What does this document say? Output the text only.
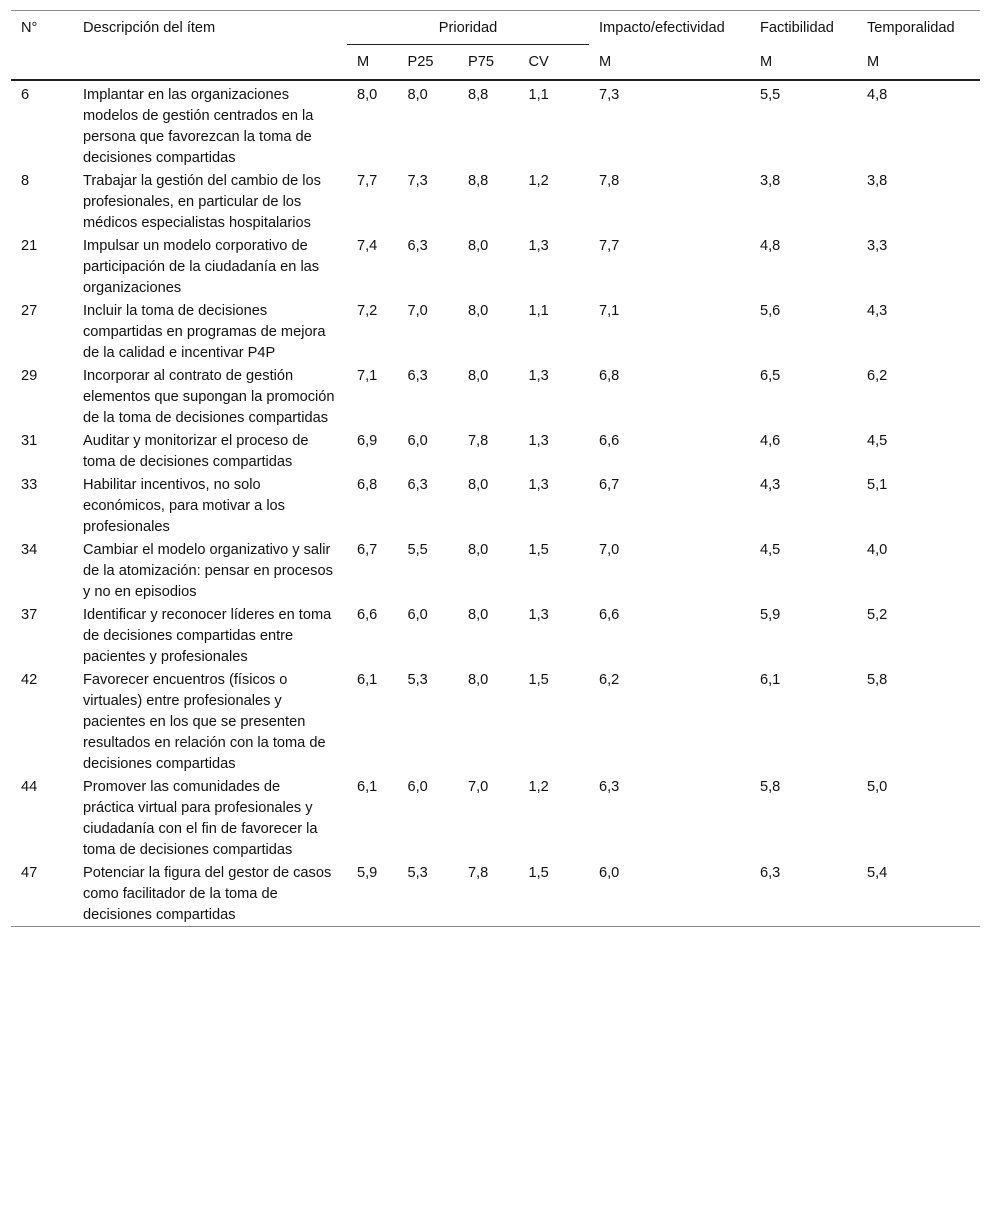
N°	Descripción del ítem	Prioridad				Impacto/efectividad	Factibilidad	Temporalidad
		M	P25	P75	CV	M	M	M
6	Implantar en las organizaciones modelos de gestión centrados en la persona que favorezcan la toma de decisiones compartidas	8,0	8,0	8,8	1,1	7,3	5,5	4,8
8	Trabajar la gestión del cambio de los profesionales, en particular de los médicos especialistas hospitalarios	7,7	7,3	8,8	1,2	7,8	3,8	3,8
21	Impulsar un modelo corporativo de participación de la ciudadanía en las organizaciones	7,4	6,3	8,0	1,3	7,7	4,8	3,3
27	Incluir la toma de decisiones compartidas en programas de mejora de la calidad e incentivar P4P	7,2	7,0	8,0	1,1	7,1	5,6	4,3
29	Incorporar al contrato de gestión elementos que supongan la promoción de la toma de decisiones compartidas	7,1	6,3	8,0	1,3	6,8	6,5	6,2
31	Auditar y monitorizar el proceso de toma de decisiones compartidas	6,9	6,0	7,8	1,3	6,6	4,6	4,5
33	Habilitar incentivos, no solo económicos, para motivar a los profesionales	6,8	6,3	8,0	1,3	6,7	4,3	5,1
34	Cambiar el modelo organizativo y salir de la atomización: pensar en procesos y no en episodios	6,7	5,5	8,0	1,5	7,0	4,5	4,0
37	Identificar y reconocer líderes en toma de decisiones compartidas entre pacientes y profesionales	6,6	6,0	8,0	1,3	6,6	5,9	5,2
42	Favorecer encuentros (físicos o virtuales) entre profesionales y pacientes en los que se presenten resultados en relación con la toma de decisiones compartidas	6,1	5,3	8,0	1,5	6,2	6,1	5,8
44	Promover las comunidades de práctica virtual para profesionales y ciudadanía con el fin de favorecer la toma de decisiones compartidas	6,1	6,0	7,0	1,2	6,3	5,8	5,0
47	Potenciar la figura del gestor de casos como facilitador de la toma de decisiones compartidas	5,9	5,3	7,8	1,5	6,0	6,3	5,4
